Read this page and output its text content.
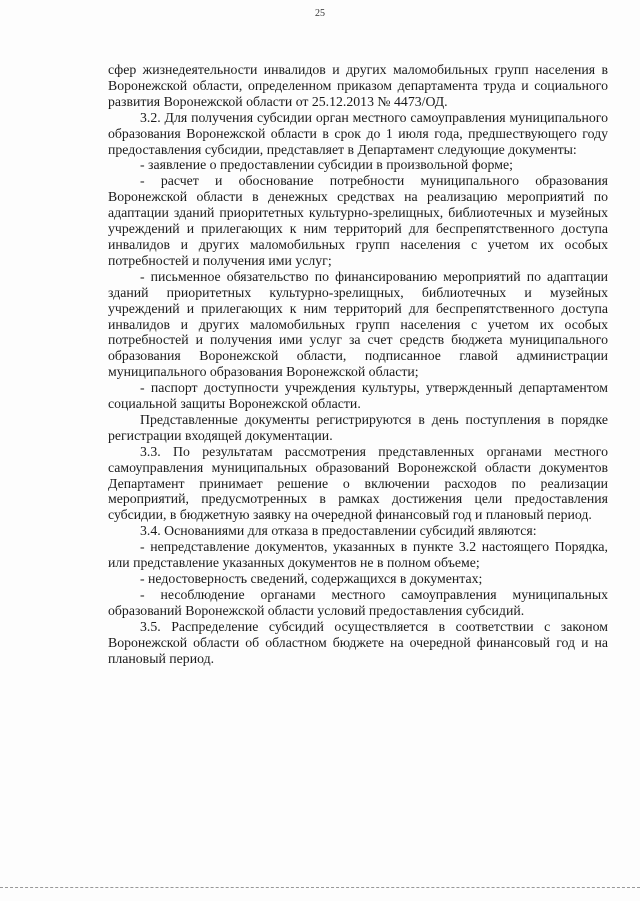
25

сфер жизнедеятельности инвалидов и других маломобильных групп населения в Воронежской области, определенном приказом департамента труда и социального развития Воронежской области от 25.12.2013 № 4473/ОД.

3.2. Для получения субсидии орган местного самоуправления муниципального образования Воронежской области в срок до 1 июля года, предшествующего году предоставления субсидии, представляет в Департамент следующие документы:

- заявление о предоставлении субсидии в произвольной форме;

- расчет и обоснование потребности муниципального образования Воронежской области в денежных средствах на реализацию мероприятий по адаптации зданий приоритетных культурно-зрелищных, библиотечных и музейных учреждений и прилегающих к ним территорий для беспрепятственного доступа инвалидов и других маломобильных групп населения с учетом их особых потребностей и получения ими услуг;

- письменное обязательство по финансированию мероприятий по адаптации зданий приоритетных культурно-зрелищных, библиотечных и музейных учреждений и прилегающих к ним территорий для беспрепятственного доступа инвалидов и других маломобильных групп населения с учетом их особых потребностей и получения ими услуг за счет средств бюджета муниципального образования Воронежской области, подписанное главой администрации муниципального образования Воронежской области;

- паспорт доступности учреждения культуры, утвержденный департаментом социальной защиты Воронежской области.

Представленные документы регистрируются в день поступления в порядке регистрации входящей документации.

3.3. По результатам рассмотрения представленных органами местного самоуправления муниципальных образований Воронежской области документов Департамент принимает решение о включении расходов по реализации мероприятий, предусмотренных в рамках достижения цели предоставления субсидии, в бюджетную заявку на очередной финансовый год и плановый период.

3.4. Основаниями для отказа в предоставлении субсидий являются:

- непредставление документов, указанных в пункте 3.2 настоящего Порядка, или представление указанных документов не в полном объеме;

- недостоверность сведений, содержащихся в документах;

- несоблюдение органами местного самоуправления муниципальных образований Воронежской области условий предоставления субсидий.

3.5. Распределение субсидий осуществляется в соответствии с законом Воронежской области об областном бюджете на очередной финансовый год и на плановый период.
